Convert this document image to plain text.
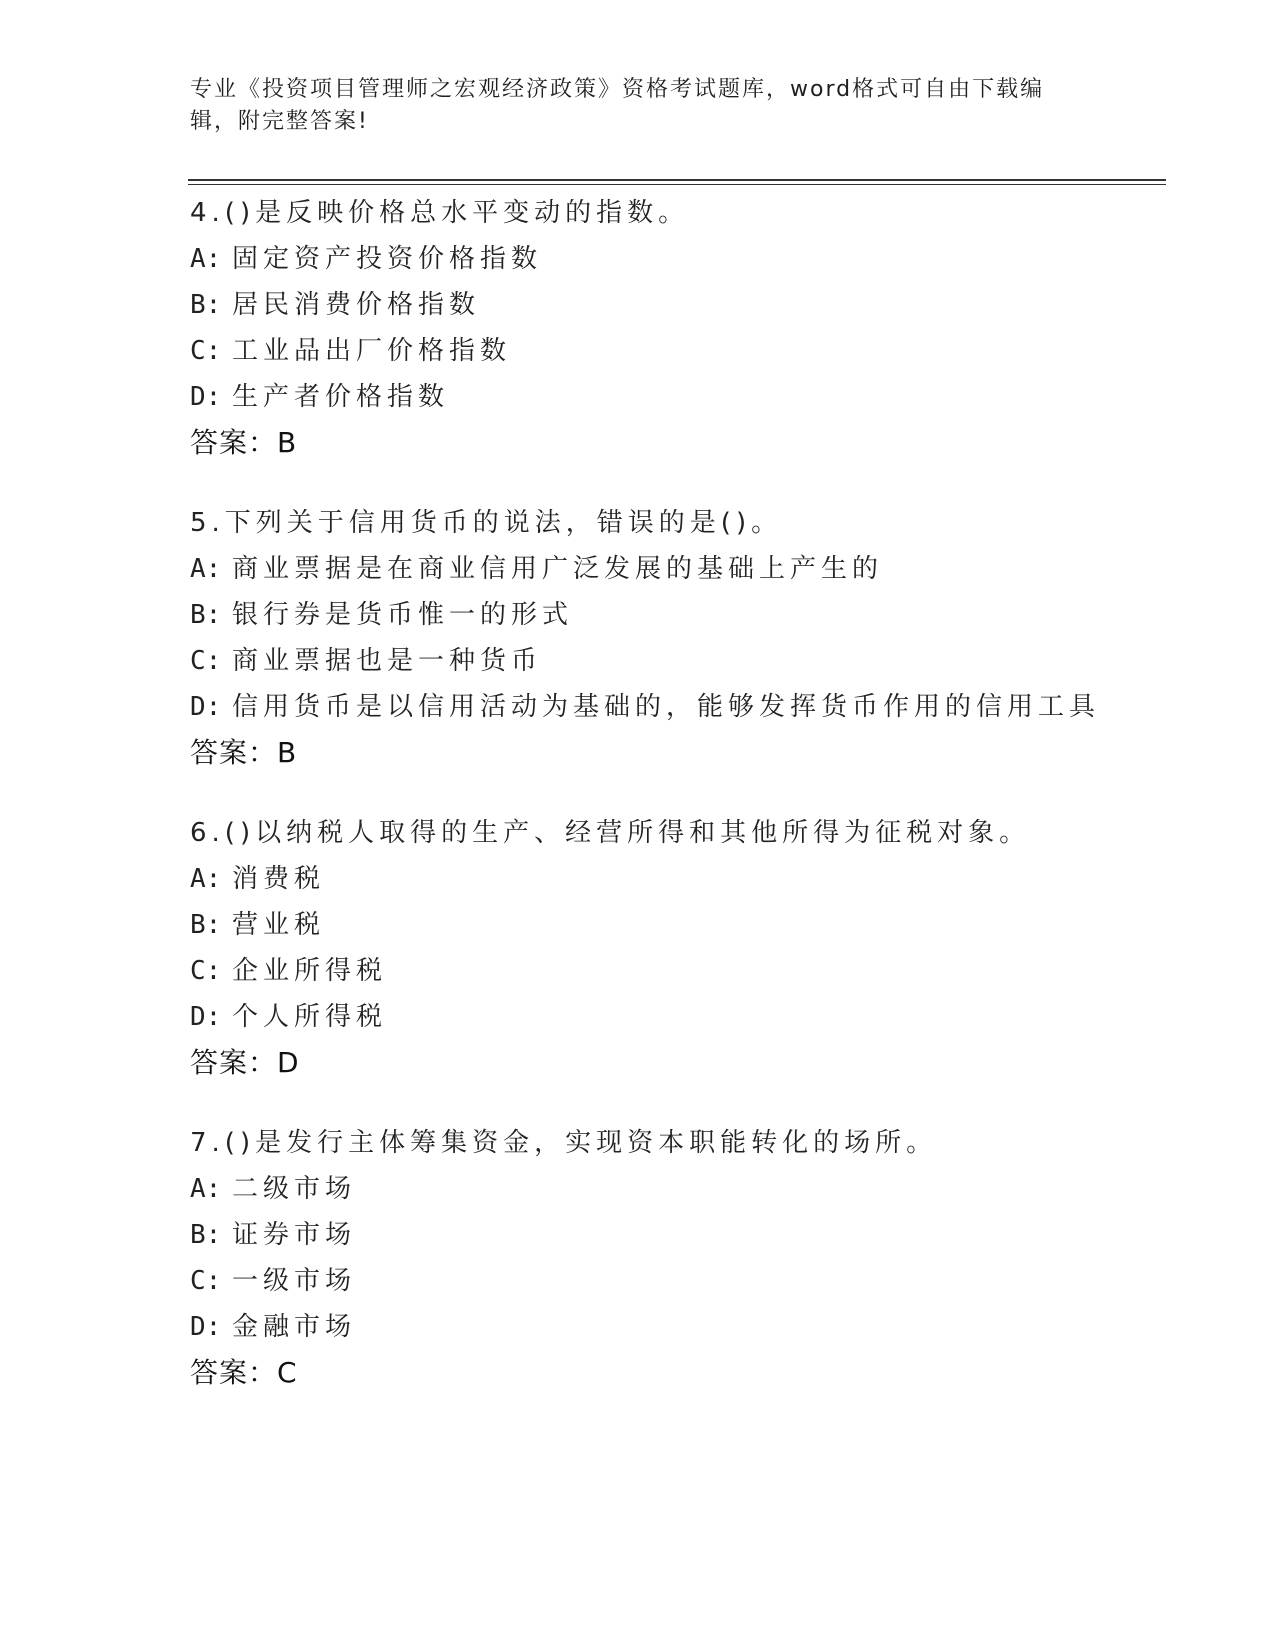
专业《投资项目管理师之宏观经济政策》资格考试题库，word格式可自由下载编
辑，附完整答案!
4.()是反映价格总水平变动的指数。
A: 固定资产投资价格指数
B: 居民消费价格指数
C: 工业品出厂价格指数
D: 生产者价格指数
答案：B
5.下列关于信用货币的说法，错误的是()。
A: 商业票据是在商业信用广泛发展的基础上产生的
B: 银行券是货币惟一的形式
C: 商业票据也是一种货币
D: 信用货币是以信用活动为基础的，能够发挥货币作用的信用工具
答案：B
6.()以纳税人取得的生产、经营所得和其他所得为征税对象。
A: 消费税
B: 营业税
C: 企业所得税
D: 个人所得税
答案：D
7.()是发行主体筹集资金，实现资本职能转化的场所。
A: 二级市场
B: 证券市场
C: 一级市场
D: 金融市场
答案：C
